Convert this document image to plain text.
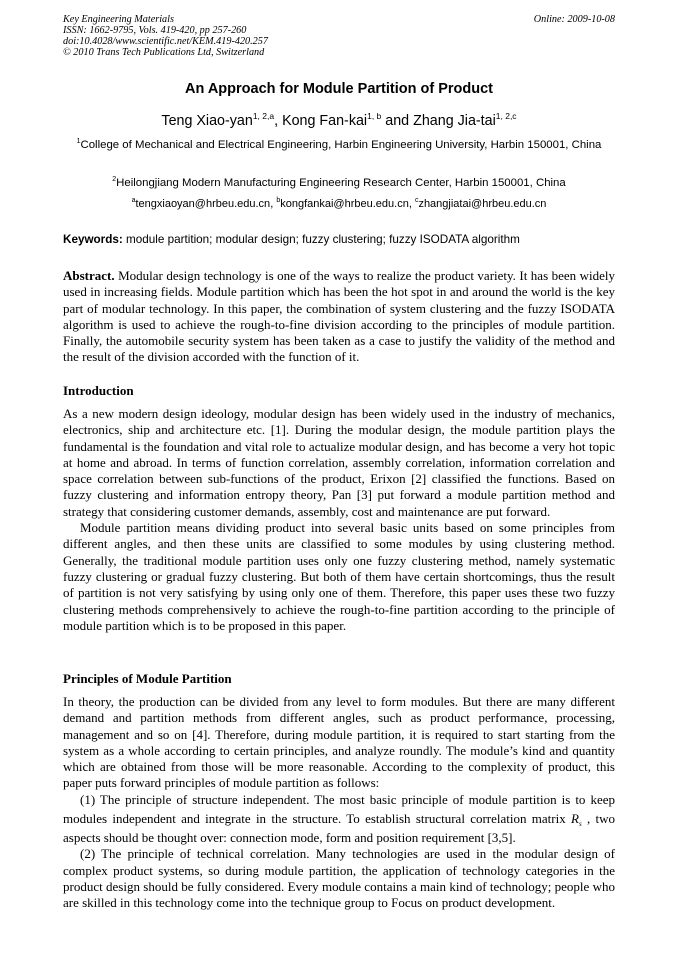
Key Engineering Materials
ISSN: 1662-9795, Vols. 419-420, pp 257-260
doi:10.4028/www.scientific.net/KEM.419-420.257
© 2010 Trans Tech Publications Ltd, Switzerland
Online: 2009-10-08
An Approach for Module Partition of Product
Teng Xiao-yan$^{1, 2,a}$, Kong Fan-kai$^{1, b}$ and Zhang Jia-tai$^{1, 2,c}$
$^1$College of Mechanical and Electrical Engineering, Harbin Engineering University, Harbin 150001, China
$^2$Heilongjiang Modern Manufacturing Engineering Research Center, Harbin 150001, China
$^a$tengxiaoyan@hrbeu.edu.cn, $^b$kongfankai@hrbeu.edu.cn, $^c$zhangjiatai@hrbeu.edu.cn
Keywords: module partition; modular design; fuzzy clustering; fuzzy ISODATA algorithm

Abstract. Modular design technology is one of the ways to realize the product variety. It has been widely used in increasing fields. Module partition which has been the hot spot in and around the world is the key part of modular technology. In this paper, the combination of system clustering and the fuzzy ISODATA algorithm is used to achieve the rough-to-fine division according to the principles of module partition. Finally, the automobile security system has been taken as a case to justify the validity of the method and the result of the division accorded with the function of it.

Introduction

As a new modern design ideology, modular design has been widely used in the industry of mechanics, electronics, ship and architecture etc. [1]. During the modular design, the module partition plays the fundamental is the foundation and vital role to actualize modular design, and has become a very hot topic at home and abroad. In terms of function correlation, assembly correlation, information correlation and space correlation between sub-functions of the product, Erixon [2] classified the functions. Based on fuzzy clustering and information entropy theory, Pan [3] put forward a module partition method and strategy that considering customer demands, assembly, cost and maintenance are put forward.

Module partition means dividing product into several basic units based on some principles from different angles, and then these units are classified to some modules by using clustering method. Generally, the traditional module partition uses only one fuzzy clustering method, namely systematic fuzzy clustering or gradual fuzzy clustering. But both of them have certain shortcomings, thus the result of partition is not very satisfying by using only one of them. Therefore, this paper uses these two fuzzy clustering methods comprehensively to achieve the rough-to-fine partition according to the principle of module partition which is to be proposed in this paper.

Principles of Module Partition

In theory, the production can be divided from any level to form modules. But there are many different demand and partition methods from different angles, such as product performance, processing, management and so on [4]. Therefore, during module partition, it is required to start starting from the system as a whole according to certain principles, and analyze roundly. The module’s kind and quantity which are obtained from those will be more reasonable. According to the complexity of product, this paper puts forward principles of module partition as follows:

(1) The principle of structure independent. The most basic principle of module partition is to keep modules independent and integrate in the structure. To establish structural correlation matrix $R_s$ , two aspects should be thought over: connection mode, form and position requirement [3,5].

(2) The principle of technical correlation. Many technologies are used in the modular design of complex product systems, so during module partition, the application of technology categories in the product design should be fully considered. Every module contains a main kind of technology; people who are skilled in this technology come into the technique group to Focus on product development.
